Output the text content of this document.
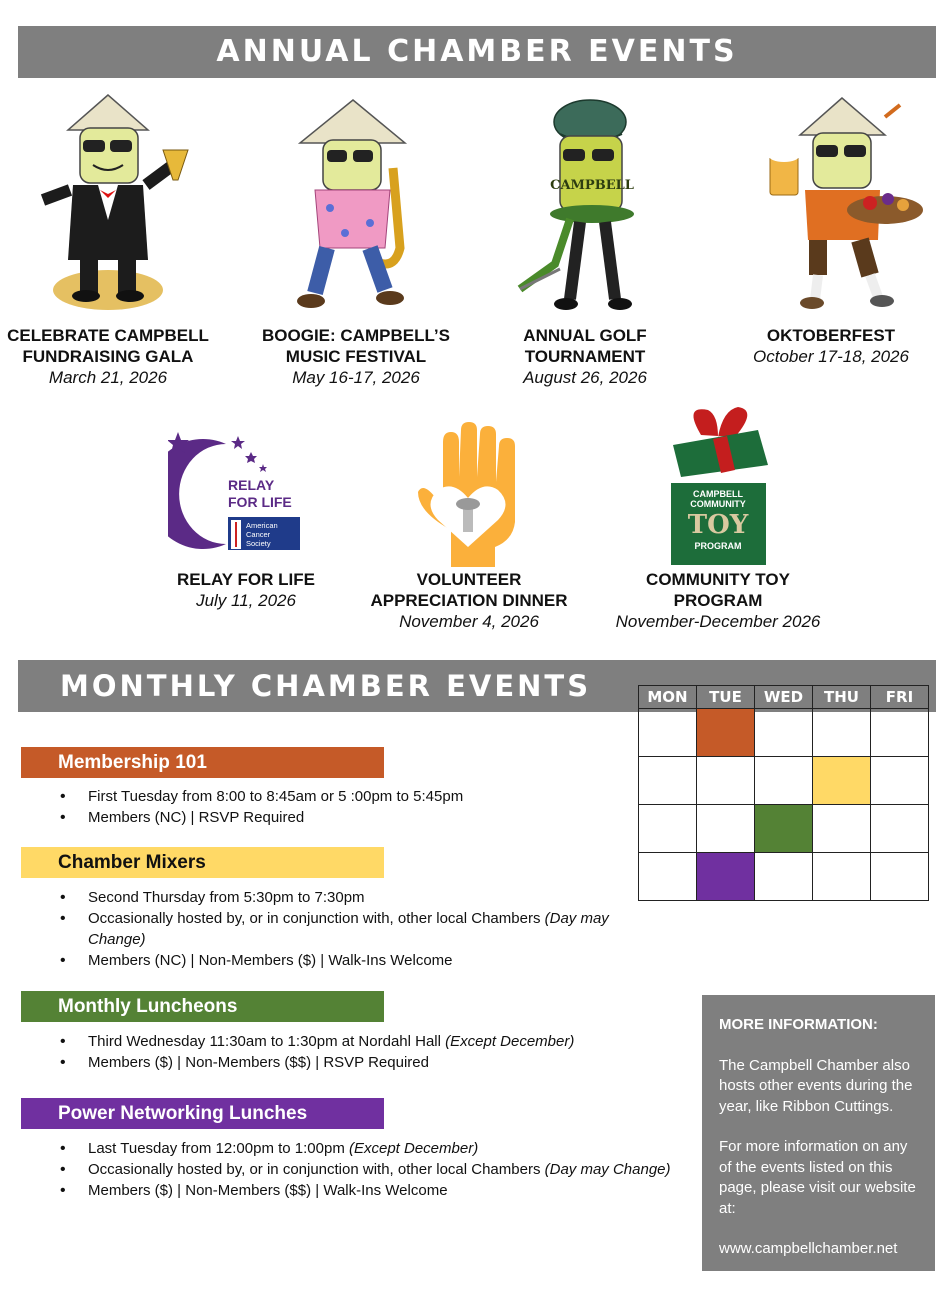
ANNUAL CHAMBER EVENTS
CELEBRATE CAMPBELL
FUNDRAISING GALA
March 21, 2026
BOOGIE: CAMPBELL’S
MUSIC FESTIVAL
May 16-17, 2026
CAMPBELL
ANNUAL GOLF
TOURNAMENT
August 26, 2026
OKTOBERFEST
October 17-18, 2026
RELAY
FOR LIFE
American
Cancer
Society
RELAY FOR LIFE
July 11, 2026
VOLUNTEER
APPRECIATION DINNER
November 4, 2026
CAMPBELL
COMMUNITY
TOY
PROGRAM
COMMUNITY TOY
PROGRAM
November-December 2026
MONTHLY CHAMBER EVENTS	MON	TUE	WED	THU	FRI

Membership 101
• First Tuesday from 8:00 to 8:45am or 5 :00pm to 5:45pm
• Members (NC) | RSVP Required
Chamber Mixers
• Second Thursday from 5:30pm to 7:30pm
• Occasionally hosted by, or in conjunction with, other local Chambers (Day may Change)
• Members (NC) | Non-Members ($) | Walk-Ins Welcome
Monthly Luncheons
• Third Wednesday 11:30am to 1:30pm at Nordahl Hall (Except December)
• Members ($) | Non-Members ($$) | RSVP Required
Power Networking Lunches
• Last Tuesday from 12:00pm to 1:00pm (Except December)
• Occasionally hosted by, or in conjunction with, other local Chambers (Day may Change)
• Members ($) | Non-Members ($$) | Walk-Ins Welcome
MORE INFORMATION:

The Campbell Chamber also hosts other events during the year, like Ribbon Cuttings.

For more information on any of the events listed on this page, please visit our website at:

www.campbellchamber.net
